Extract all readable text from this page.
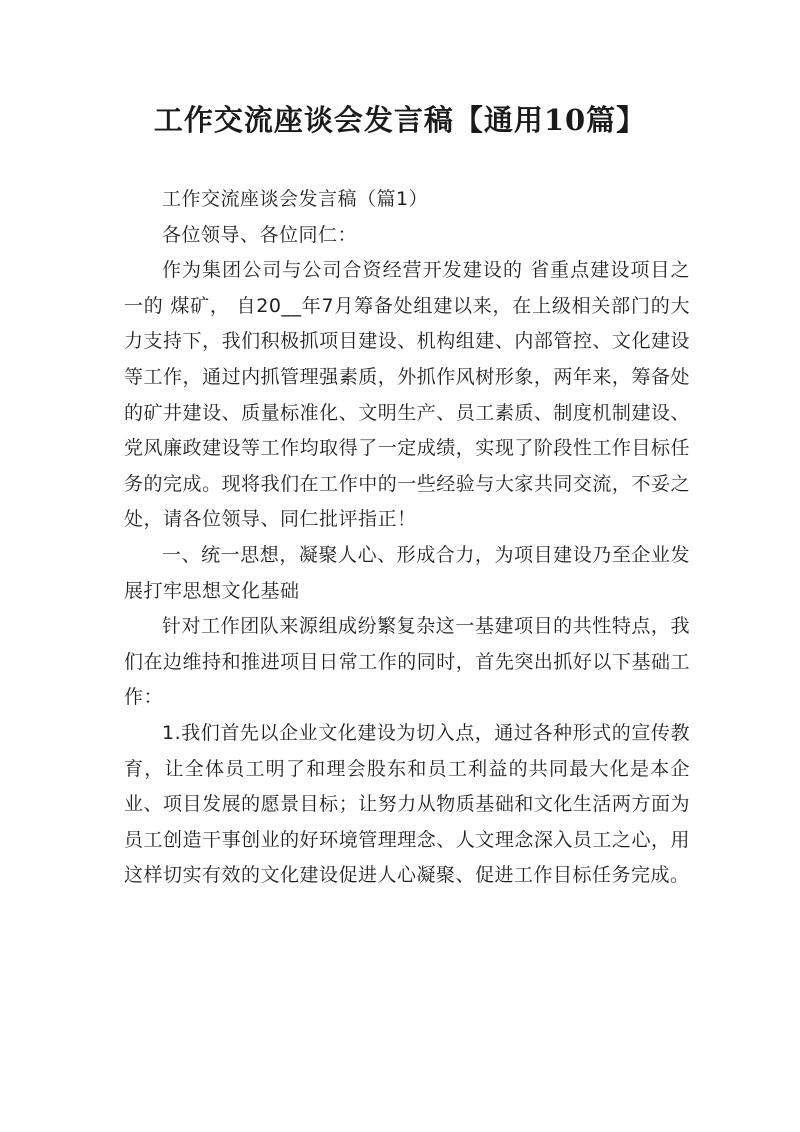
工作交流座谈会发言稿【通用10篇】

工作交流座谈会发言稿（篇1）

各位领导、各位同仁：

作为集团公司与公司合资经营开发建设的 省重点建设项目之一的 煤矿， 自20__年7月筹备处组建以来，在上级相关部门的大力支持下，我们积极抓项目建设、机构组建、内部管控、文化建设等工作，通过内抓管理强素质，外抓作风树形象，两年来，筹备处的矿井建设、质量标准化、文明生产、员工素质、制度机制建设、党风廉政建设等工作均取得了一定成绩，实现了阶段性工作目标任务的完成。现将我们在工作中的一些经验与大家共同交流，不妥之处，请各位领导、同仁批评指正！

一、统一思想，凝聚人心、形成合力，为项目建设乃至企业发展打牢思想文化基础

针对工作团队来源组成纷繁复杂这一基建项目的共性特点，我们在边维持和推进项目日常工作的同时，首先突出抓好以下基础工作：

1.我们首先以企业文化建设为切入点，通过各种形式的宣传教育，让全体员工明了和理会股东和员工利益的共同最大化是本企业、项目发展的愿景目标；让努力从物质基础和文化生活两方面为员工创造干事创业的好环境管理理念、人文理念深入员工之心，用这样切实有效的文化建设促进人心凝聚、促进工作目标任务完成。
